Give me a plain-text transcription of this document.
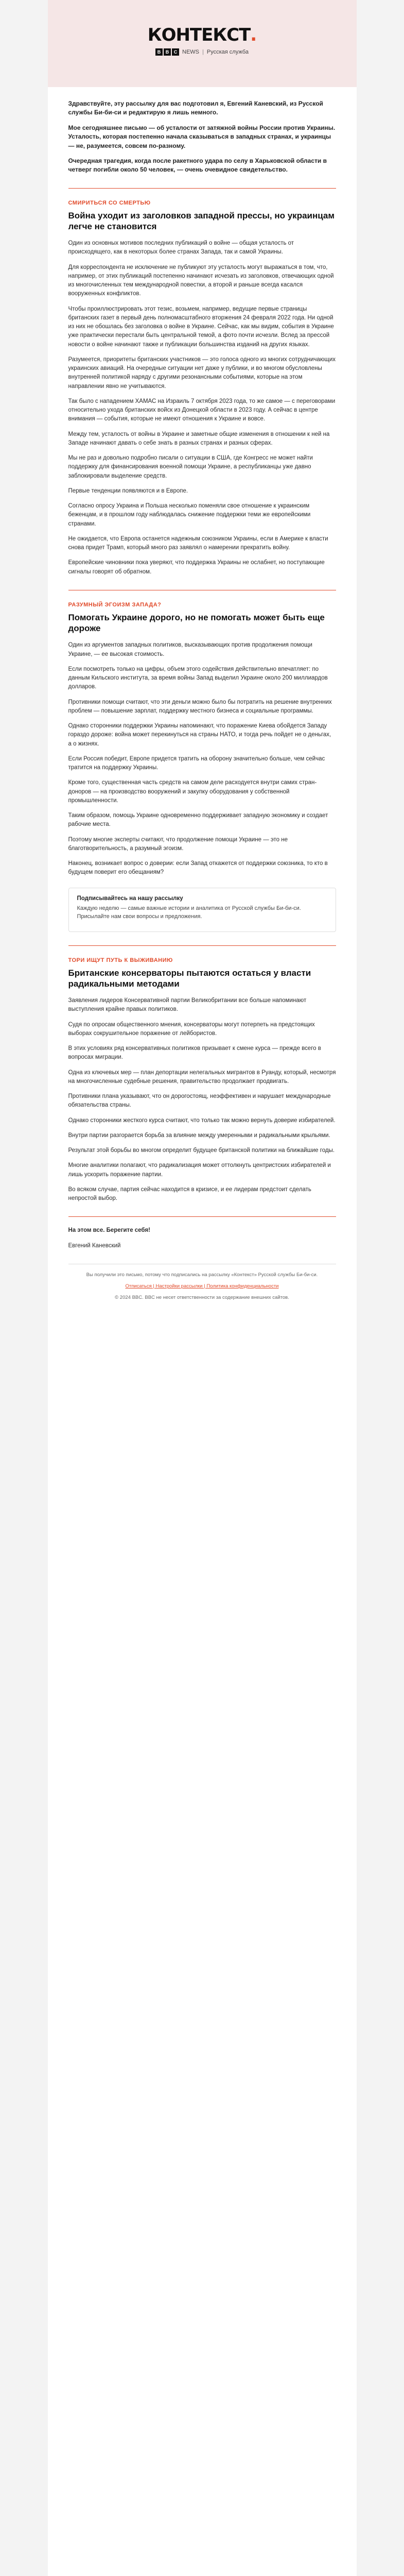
КОНТЕКСТ.
B	B	C NEWS | Русская служба

Здравствуйте, эту рассылку для вас подготовил я, Евгений Каневский, из Русской службы Би-би-си и редактирую я лишь немного.

Мое сегодняшнее письмо — об усталости от затяжной войны России против Украины. Усталость, которая постепенно начала сказываться в западных странах, и украинцы — не, разумеется, совсем по-разному.

Очередная трагедия, когда после ракетного удара по селу в Харьковской области в четверг погибли около 50 человек, — очень очевидное свидетельство.

СМИРИТЬСЯ СО СМЕРТЬЮ
Война уходит из заголовков западной прессы, но украинцам легче не становится

Один из основных мотивов последних публикаций о войне — общая усталость от происходящего, как в некоторых более странах Запада, так и самой Украины.

Для корреспондента не исключение не публикуют эту усталость могут выражаться в том, что, например, от этих публикаций постепенно начинают исчезать из заголовков, отвечающих одной из многочисленных тем международной повестки, а второй и раньше всегда касался вооруженных конфликтов.

Чтобы проиллюстрировать этот тезис, возьмем, например, ведущие первые страницы британских газет в первый день полномасштабного вторжения 24 февраля 2022 года. Ни одной из них не обошлась без заголовка о войне в Украине. Сейчас, как мы видим, события в Украине уже практически перестали быть центральной темой, а фото почти исчезли. Вслед за прессой новости о войне начинают также и публикации большинства изданий на других языках.

Разумеется, приоритеты британских участников — это голоса одного из многих сотрудничающих украинских авиаций. На очередные ситуации нет даже у публики, и во многом обусловлены внутренней политикой наряду с другими резонансными событиями, которые на этом направлении явно не учитываются.

Так было с нападением ХАМАС на Израиль 7 октября 2023 года, то же самое — с переговорами относительно ухода британских войск из Донецкой области в 2023 году. А сейчас в центре внимания — события, которые не имеют отношения к Украине и вовсе.

Между тем, усталость от войны в Украине и заметные общие изменения в отношении к ней на Западе начинают давать о себе знать в разных странах и разных сферах.

Мы не раз и довольно подробно писали о ситуации в США, где Конгресс не может найти поддержку для финансирования военной помощи Украине, а республиканцы уже давно заблокировали выделение средств.

Первые тенденции появляются и в Европе.

Согласно опросу Украина и Польша несколько поменяли свое отношение к украинским беженцам, и в прошлом году наблюдалась снижение поддержки теми же европейскими странами.

Не ожидается, что Европа останется надежным союзником Украины, если в Америке к власти снова придет Трамп, который много раз заявлял о намерении прекратить войну.

Европейские чиновники пока уверяют, что поддержка Украины не ослабнет, но поступающие сигналы говорят об обратном.

РАЗУМНЫЙ ЭГОИЗМ ЗАПАДА?
Помогать Украине дорого, но не помогать может быть еще дороже

Один из аргументов западных политиков, высказывающих против продолжения помощи Украине, — ее высокая стоимость.

Если посмотреть только на цифры, объем этого содействия действительно впечатляет: по данным Кильского института, за время войны Запад выделил Украине около 200 миллиардов долларов.

Противники помощи считают, что эти деньги можно было бы потратить на решение внутренних проблем — повышение зарплат, поддержку местного бизнеса и социальные программы.

Однако сторонники поддержки Украины напоминают, что поражение Киева обойдется Западу гораздо дороже: война может перекинуться на страны НАТО, и тогда речь пойдет не о деньгах, а о жизнях.

Если Россия победит, Европе придется тратить на оборону значительно больше, чем сейчас тратится на поддержку Украины.

Кроме того, существенная часть средств на самом деле расходуется внутри самих стран-доноров — на производство вооружений и закупку оборудования у собственной промышленности.

Таким образом, помощь Украине одновременно поддерживает западную экономику и создает рабочие места.

Поэтому многие эксперты считают, что продолжение помощи Украине — это не благотворительность, а разумный эгоизм.

Наконец, возникает вопрос о доверии: если Запад откажется от поддержки союзника, то кто в будущем поверит его обещаниям?

Подписывайтесь на нашу рассылку

Каждую неделю — самые важные истории и аналитика от Русской службы Би-би-си. Присылайте нам свои вопросы и предложения.

ТОРИ ИЩУТ ПУТЬ К ВЫЖИВАНИЮ
Британские консерваторы пытаются остаться у власти радикальными методами

Заявления лидеров Консервативной партии Великобритании все больше напоминают выступления крайне правых политиков.

Судя по опросам общественного мнения, консерваторы могут потерпеть на предстоящих выборах сокрушительное поражение от лейбористов.

В этих условиях ряд консервативных политиков призывает к смене курса — прежде всего в вопросах миграции.

Одна из ключевых мер — план депортации нелегальных мигрантов в Руанду, который, несмотря на многочисленные судебные решения, правительство продолжает продвигать.

Противники плана указывают, что он дорогостоящ, неэффективен и нарушает международные обязательства страны.

Однако сторонники жесткого курса считают, что только так можно вернуть доверие избирателей.

Внутри партии разгорается борьба за влияние между умеренными и радикальными крыльями.

Результат этой борьбы во многом определит будущее британской политики на ближайшие годы.

Многие аналитики полагают, что радикализация может оттолкнуть центристских избирателей и лишь ускорить поражение партии.

Во всяком случае, партия сейчас находится в кризисе, и ее лидерам предстоит сделать непростой выбор.

На этом все. Берегите себя!

Евгений Каневский

Вы получили это письмо, потому что подписались на рассылку «Контекст» Русской службы Би-би-си.

Отписаться | Настройки рассылки | Политика конфиденциальности

© 2024 BBC. BBC не несет ответственности за содержание внешних сайтов.
